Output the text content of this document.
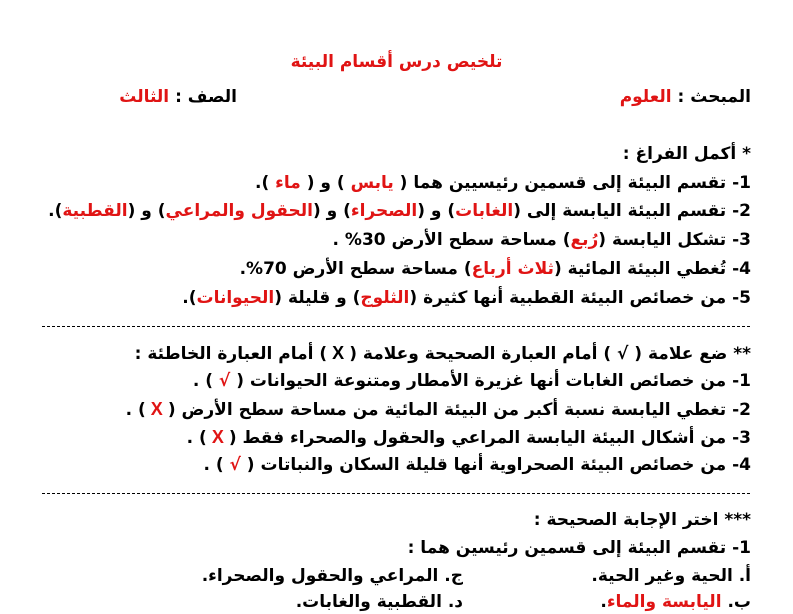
تلخيص درس أقسام البيئة
المبحث : العلوم
الصف : الثالث
* أكمل الفراغ :
1- تقسم البيئة إلى قسمين رئيسيين هما ( يابس ) و ( ماء ).
2- تقسم البيئة اليابسة إلى (الغابات) و (الصحراء) و (الحقول والمراعي) و (القطبية).
3- تشكل اليابسة (رُبع) مساحة سطح الأرض 30% .
4- تُغطي البيئة المائية (ثلاث أرباع) مساحة سطح الأرض 70%.
5- من خصائص البيئة القطبية أنها كثيرة (الثلوج) و قليلة (الحيوانات).
** ضع علامة ( √ ) أمام العبارة الصحيحة وعلامة ( X ) أمام العبارة الخاطئة :
1- من خصائص الغابات أنها غزيرة الأمطار ومتنوعة الحيوانات ( √ ) .
2- تغطي اليابسة نسبة أكبر من البيئة المائية من مساحة سطح الأرض ( X ) .
3- من أشكال البيئة اليابسة المراعي والحقول والصحراء فقط ( X ) .
4- من خصائص البيئة الصحراوية أنها قليلة السكان والنباتات ( √ ) .
*** اختر الإجابة الصحيحة :
1- تقسم البيئة إلى قسمين رئيسين هما :
أ. الحية وغير الحية.
ج. المراعي والحقول والصحراء.
ب. اليابسة والماء.
د. القطبية والغابات.
